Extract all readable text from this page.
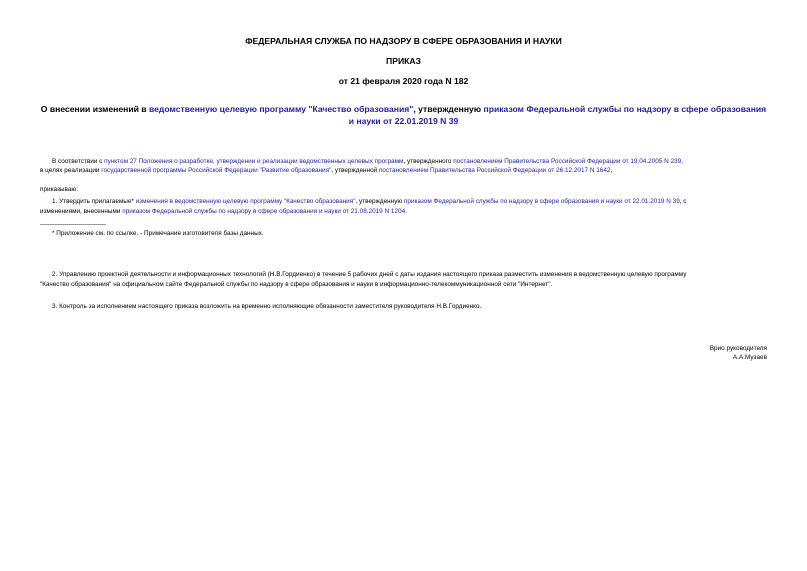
ФЕДЕРАЛЬНАЯ СЛУЖБА ПО НАДЗОРУ В СФЕРЕ ОБРАЗОВАНИЯ И НАУКИ
ПРИКАЗ
от 21 февраля 2020 года N 182
О внесении изменений в ведомственную целевую программу "Качество образования", утвержденную приказом Федеральной службы по надзору в сфере образования и науки от 22.01.2019 N 39
В соответствии с пунктом 27 Положения о разработке, утверждении и реализации ведомственных целевых программ, утвержденного постановлением Правительства Российской Федерации от 19.04.2005 N 239,
в целях реализации государственной программы Российской Федерации "Развитие образования", утвержденной постановлением Правительства Российской Федерации от 26.12.2017 N 1642,
приказываю:
1. Утвердить прилагаемые* изменения в ведомственную целевую программу "Качество образования", утвержденную приказом Федеральной службы по надзору в сфере образования и науки от 22.01.2019 N 39, с
изменениями, внесенными приказом Федеральной службы по надзору в сфере образования и науки от 21.08.2019 N 1204.
* Приложение см. по ссылке. - Примечание изготовителя базы данных.
2. Управлению проектной деятельности и информационных технологий (Н.В.Гордиенко) в течение 5 рабочих дней с даты издания настоящего приказа разместить изменения в ведомственную целевую программу
"Качество образования" на официальном сайте Федеральной службы по надзору в сфере образования и науки в информационно-телекоммуникационной сети "Интернет".
3. Контроль за исполнением настоящего приказа возложить на временно исполняющие обязанности заместителя руководителя Н.В.Гордиенко.
Врио руководителя
А.А.Музаев
